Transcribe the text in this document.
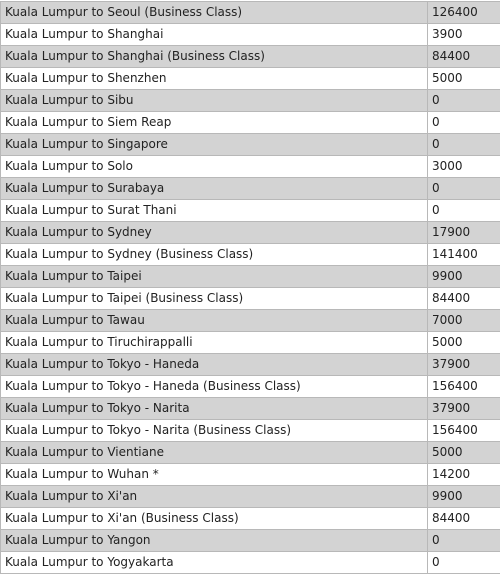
Kuala Lumpur to Seoul (Business Class)	126400
Kuala Lumpur to Shanghai	3900
Kuala Lumpur to Shanghai (Business Class)	84400
Kuala Lumpur to Shenzhen	5000
Kuala Lumpur to Sibu	0
Kuala Lumpur to Siem Reap	0
Kuala Lumpur to Singapore	0
Kuala Lumpur to Solo	3000
Kuala Lumpur to Surabaya	0
Kuala Lumpur to Surat Thani	0
Kuala Lumpur to Sydney	17900
Kuala Lumpur to Sydney (Business Class)	141400
Kuala Lumpur to Taipei	9900
Kuala Lumpur to Taipei (Business Class)	84400
Kuala Lumpur to Tawau	7000
Kuala Lumpur to Tiruchirappalli	5000
Kuala Lumpur to Tokyo - Haneda	37900
Kuala Lumpur to Tokyo - Haneda (Business Class)	156400
Kuala Lumpur to Tokyo - Narita	37900
Kuala Lumpur to Tokyo - Narita (Business Class)	156400
Kuala Lumpur to Vientiane	5000
Kuala Lumpur to Wuhan *	14200
Kuala Lumpur to Xi'an	9900
Kuala Lumpur to Xi'an (Business Class)	84400
Kuala Lumpur to Yangon	0
Kuala Lumpur to Yogyakarta	0
